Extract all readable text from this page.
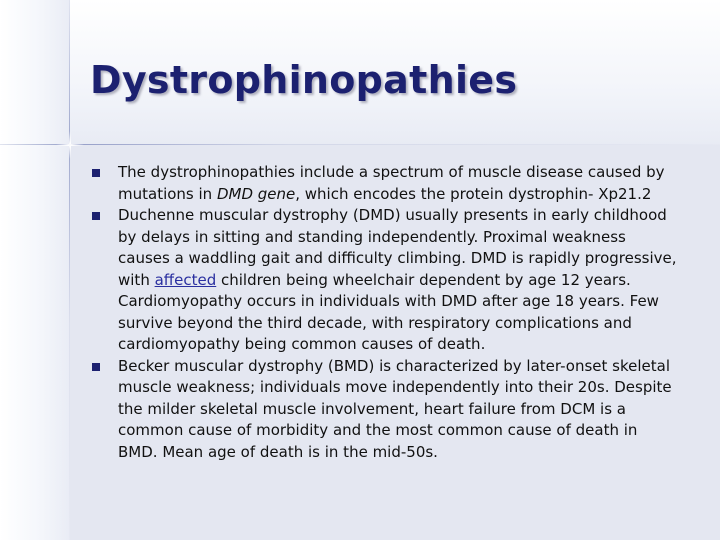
Dystrophinopathies
The dystrophinopathies include a spectrum of muscle disease caused by mutations in DMD gene, which encodes the protein dystrophin- Xp21.2
Duchenne muscular dystrophy (DMD) usually presents in early childhood by delays in sitting and standing independently. Proximal weakness causes a waddling gait and difficulty climbing. DMD is rapidly progressive, with affected children being wheelchair dependent by age 12 years. Cardiomyopathy occurs in individuals with DMD after age 18 years. Few survive beyond the third decade, with respiratory complications and cardiomyopathy being common causes of death.
Becker muscular dystrophy (BMD) is characterized by later-onset skeletal muscle weakness; individuals move independently into their 20s. Despite the milder skeletal muscle involvement, heart failure from DCM is a common cause of morbidity and the most common cause of death in BMD. Mean age of death is in the mid-50s.
